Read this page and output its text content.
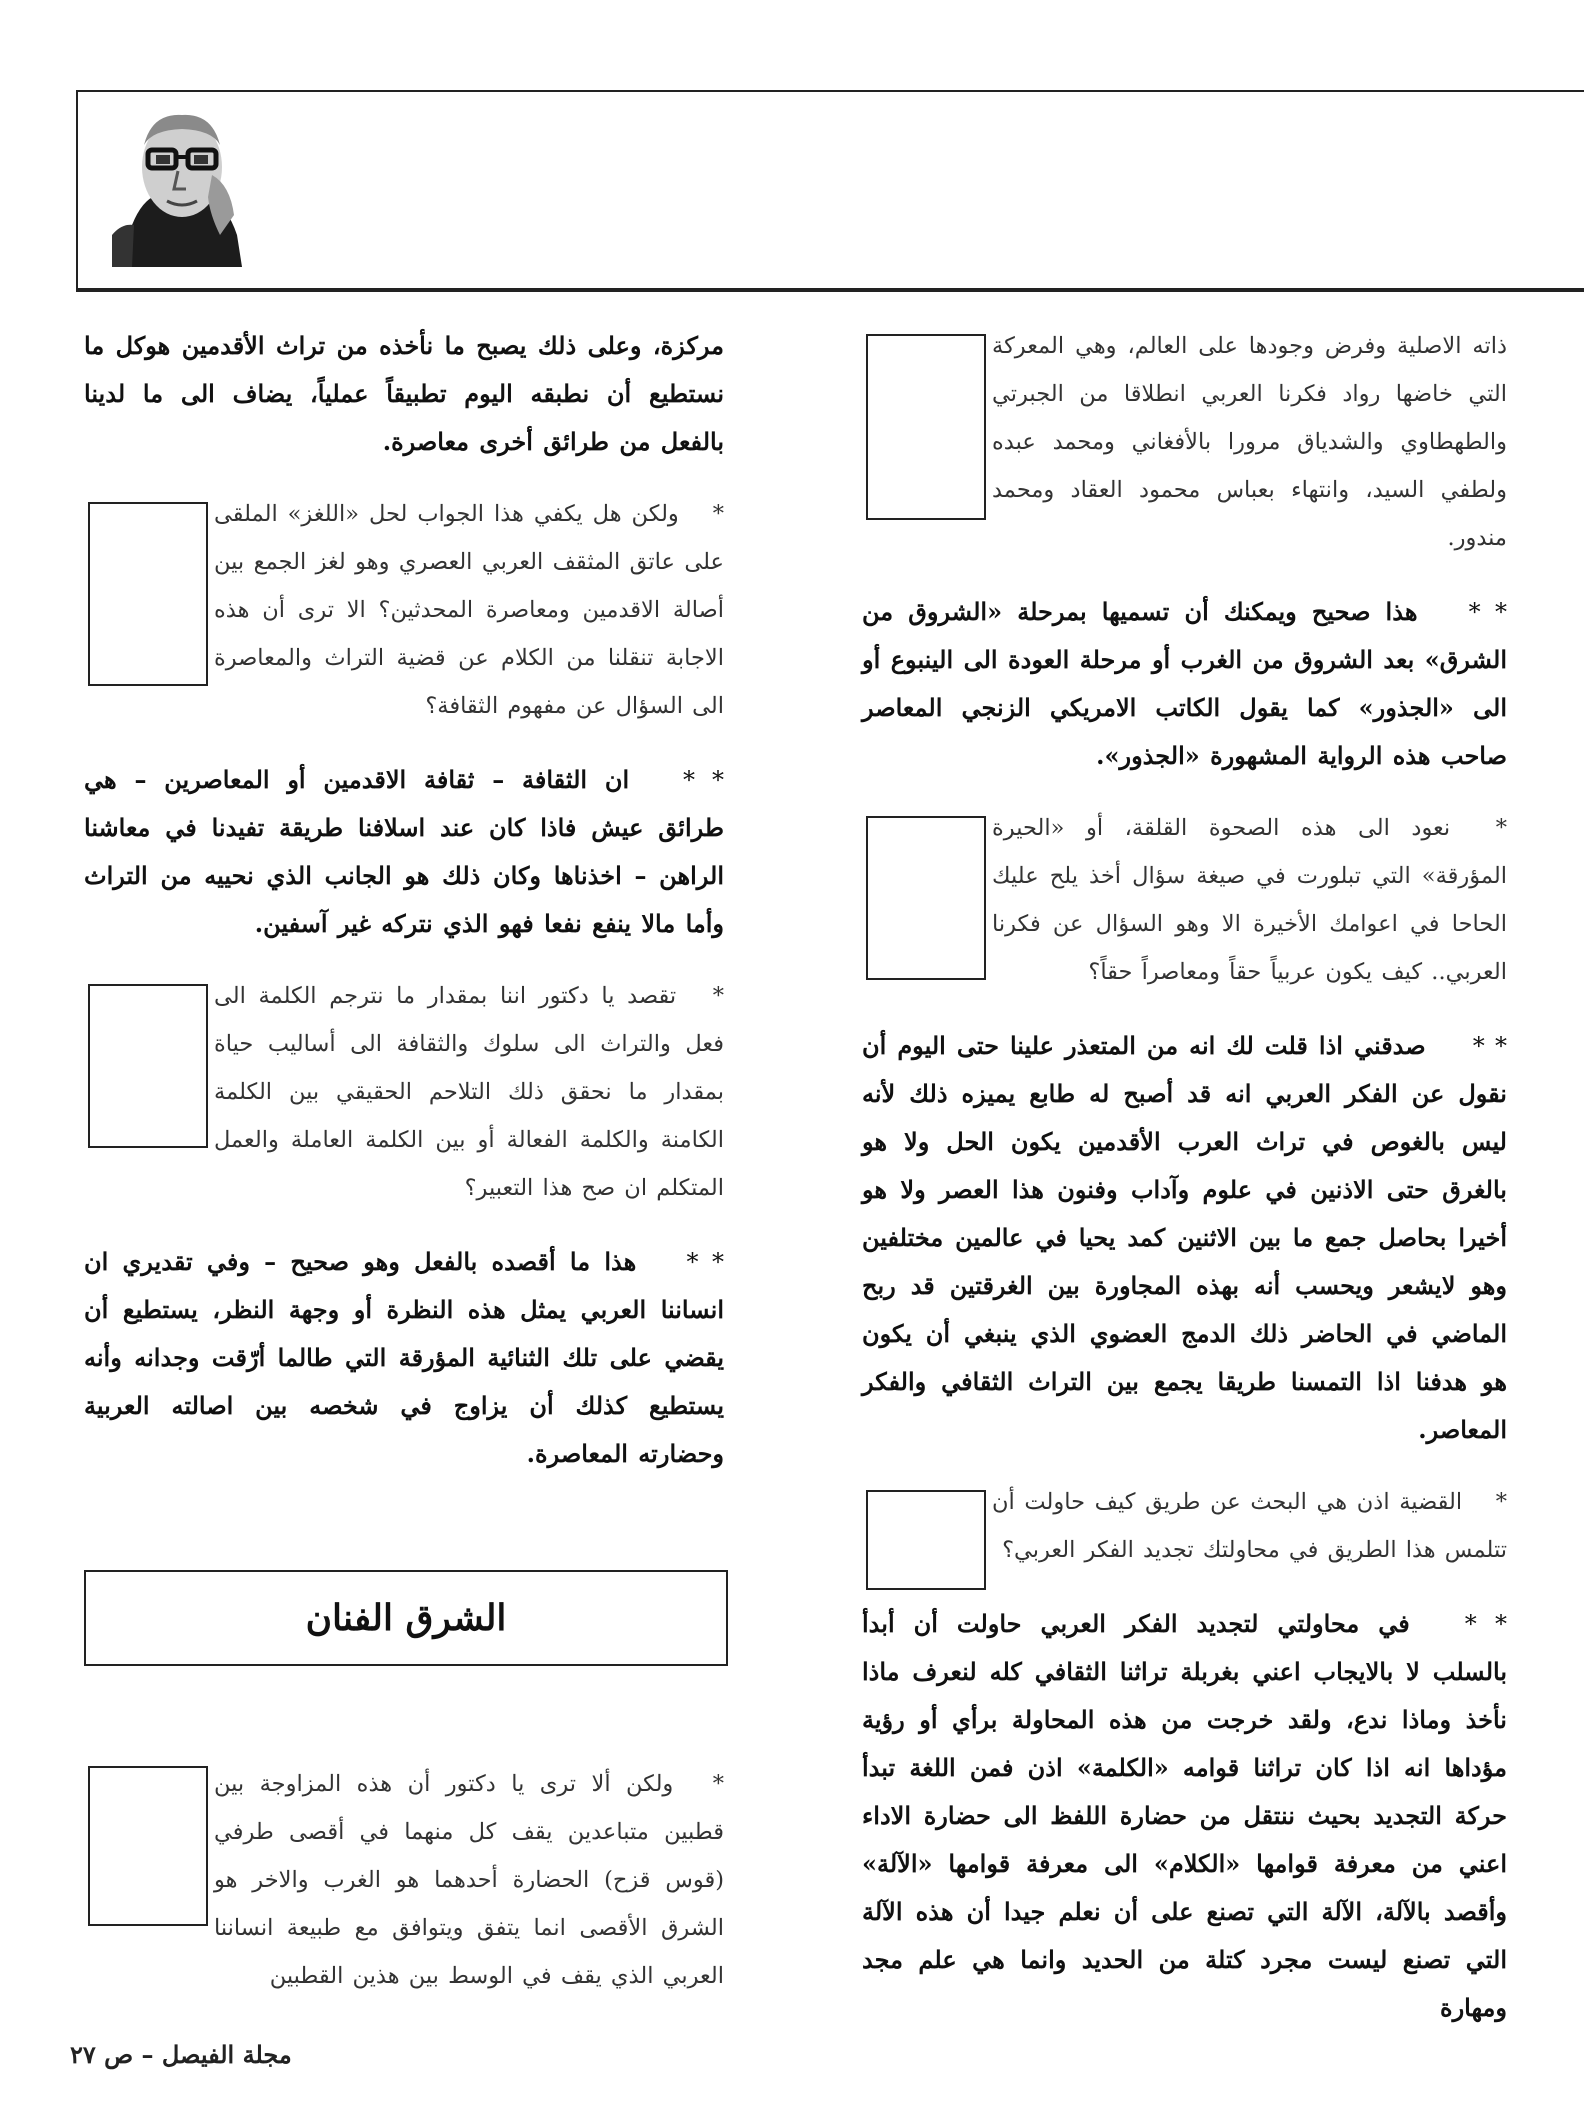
ذاته الاصلية وفرض وجودها على العالم، وهي المعركة التي خاضها رواد فكرنا العربي انطلاقا من الجبرتي والطهطاوي والشدياق مرورا بالأفغاني ومحمد عبده ولطفي السيد، وانتهاء بعباس محمود العقاد ومحمد مندور.
* * هذا صحيح ويمكنك أن تسميها بمرحلة «الشروق من الشرق» بعد الشروق من الغرب أو مرحلة العودة الى الينبوع أو الى «الجذور» كما يقول الكاتب الامريكي الزنجي المعاصر صاحب هذه الرواية المشهورة «الجذور».
* نعود الى هذه الصحوة القلقة، أو «الحيرة المؤرقة» التي تبلورت في صيغة سؤال أخذ يلح عليك الحاحا في اعوامك الأخيرة الا وهو السؤال عن فكرنا العربي.. كيف يكون عربياً حقاً ومعاصراً حقاً؟
* * صدقني اذا قلت لك انه من المتعذر علينا حتى اليوم أن نقول عن الفكر العربي انه قد أصبح له طابع يميزه ذلك لأنه ليس بالغوص في تراث العرب الأقدمين يكون الحل ولا هو بالغرق حتى الاذنين في علوم وآداب وفنون هذا العصر ولا هو أخيرا بحاصل جمع ما بين الاثنين كمد يحيا في عالمين مختلفين وهو لايشعر ويحسب أنه بهذه المجاورة بين الغرقتين قد ربح الماضي في الحاضر ذلك الدمج العضوي الذي ينبغي أن يكون هو هدفنا اذا التمسنا طريقا يجمع بين التراث الثقافي والفكر المعاصر.
* القضية اذن هي البحث عن طريق كيف حاولت أن تتلمس هذا الطريق في محاولتك تجديد الفكر العربي؟
* * في محاولتي لتجديد الفكر العربي حاولت أن أبدأ بالسلب لا بالايجاب اعني بغربلة تراثنا الثقافي كله لنعرف ماذا نأخذ وماذا ندع، ولقد خرجت من هذه المحاولة برأي أو رؤية مؤداها انه اذا كان تراثنا قوامه «الكلمة» اذن فمن اللغة تبدأ حركة التجديد بحيث ننتقل من حضارة اللفظ الى حضارة الاداء اعني من معرفة قوامها «الكلام» الى معرفة قوامها «الآلة» وأقصد بالآلة، الآلة التي تصنع على أن نعلم جيدا أن هذه الآلة التي تصنع ليست مجرد كتلة من الحديد وانما هي علم مجد ومهارة
مركزة، وعلى ذلك يصبح ما نأخذه من تراث الأقدمين هوكل ما نستطيع أن نطبقه اليوم تطبيقاً عملياً، يضاف الى ما لدينا بالفعل من طرائق أخرى معاصرة.
* ولكن هل يكفي هذا الجواب لحل «اللغز» الملقى على عاتق المثقف العربي العصري وهو لغز الجمع بين أصالة الاقدمين ومعاصرة المحدثين؟ الا ترى أن هذه الاجابة تنقلنا من الكلام عن قضية التراث والمعاصرة الى السؤال عن مفهوم الثقافة؟
* * ان الثقافة – ثقافة الاقدمين أو المعاصرين – هي طرائق عيش فاذا كان عند اسلافنا طريقة تفيدنا في معاشنا الراهن – اخذناها وكان ذلك هو الجانب الذي نحييه من التراث وأما مالا ينفع نفعا فهو الذي نتركه غير آسفين.
* تقصد يا دكتور اننا بمقدار ما نترجم الكلمة الى فعل والتراث الى سلوك والثقافة الى أساليب حياة بمقدار ما نحقق ذلك التلاحم الحقيقي بين الكلمة الكامنة والكلمة الفعالة أو بين الكلمة العاملة والعمل المتكلم ان صح هذا التعبير؟
* * هذا ما أقصده بالفعل وهو صحيح – وفي تقديري ان انساننا العربي يمثل هذه النظرة أو وجهة النظر، يستطيع أن يقضي على تلك الثنائية المؤرقة التي طالما أرّقت وجدانه وأنه يستطيع كذلك أن يزاوج في شخصه بين اصالته العربية وحضارته المعاصرة.
الشرق الفنان
* ولكن ألا ترى يا دكتور أن هذه المزاوجة بين قطبين متباعدين يقف كل منهما في أقصى طرفي (قوس قزح) الحضارة أحدهما هو الغرب والاخر هو الشرق الأقصى انما يتفق ويتوافق مع طبيعة انساننا العربي الذي يقف في الوسط بين هذين القطبين
مجلة الفيصل – ص ٢٧
